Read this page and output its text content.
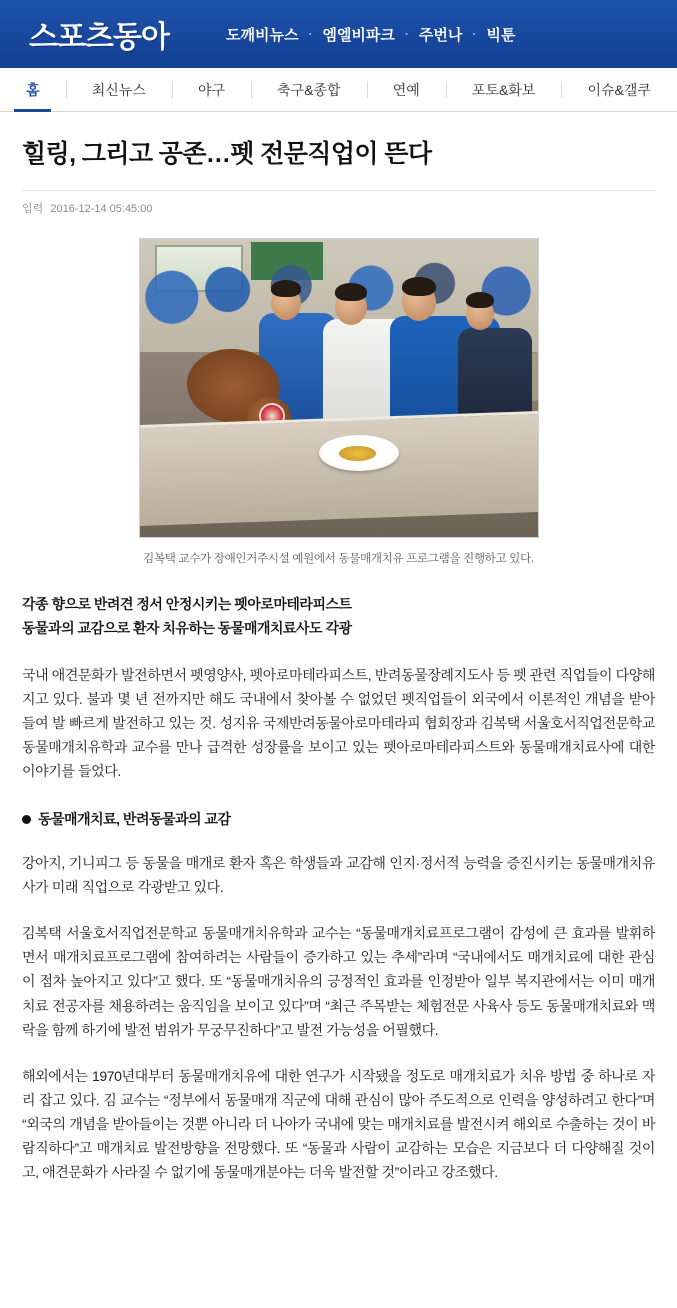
스포츠동아	도깨비뉴스 · 엠엘비파크 · 주번나 · 빅툰
홈	최신뉴스	야구	축구&종합	연예	포토&화보	이슈&갤쿠
힐링, 그리고 공존…펫 전문직업이 뜬다
입력 2016-12-14 05:45:00
김복택 교수가 장애인거주시설 예원에서 동물매개치유 프로그램을 진행하고 있다.
각종 향으로 반려견 정서 안정시키는 펫아로마테라피스트
동물과의 교감으로 환자 치유하는 동물매개치료사도 각광

국내 애견문화가 발전하면서 펫영양사, 펫아로마테라피스트, 반려동물장례지도사 등 펫 관련 직업들이 다양해지고 있다. 불과 몇 년 전까지만 해도 국내에서 찾아볼 수 없었던 펫직업들이 외국에서 이론적인 개념을 받아들여 발 빠르게 발전하고 있는 것. 성지유 국제반려동물아로마테라피 협회장과 김복택 서울호서직업전문학교 동물매개치유학과 교수를 만나 급격한 성장률을 보이고 있는 펫아로마테라피스트와 동물매개치료사에 대한 이야기를 들었다.

동물매개치료, 반려동물과의 교감

강아지, 기니피그 등 동물을 매개로 환자 혹은 학생들과 교감해 인지·정서적 능력을 증진시키는 동물매개치유사가 미래 직업으로 각광받고 있다.

김복택 서울호서직업전문학교 동물매개치유학과 교수는 “동물매개치료프로그램이 감성에 큰 효과를 발휘하면서 매개치료프로그램에 참여하려는 사람들이 증가하고 있는 추세”라며 “국내에서도 매개치료에 대한 관심이 점차 높아지고 있다”고 했다. 또 “동물매개치유의 긍정적인 효과를 인정받아 일부 복지관에서는 이미 매개치료 전공자를 채용하려는 움직임을 보이고 있다”며 “최근 주목받는 체험전문 사육사 등도 동물매개치료와 맥락을 함께 하기에 발전 범위가 무궁무진하다”고 발전 가능성을 어필했다.

해외에서는 1970년대부터 동물매개치유에 대한 연구가 시작됐을 정도로 매개치료가 치유 방법 중 하나로 자리 잡고 있다. 김 교수는 “정부에서 동물매개 직군에 대해 관심이 많아 주도적으로 인력을 양성하려고 한다”며 “외국의 개념을 받아들이는 것뿐 아니라 더 나아가 국내에 맞는 매개치료를 발전시켜 해외로 수출하는 것이 바람직하다”고 매개치료 발전방향을 전망했다. 또 “동물과 사람이 교감하는 모습은 지금보다 더 다양해질 것이고, 애견문화가 사라질 수 없기에 동물매개분야는 더욱 발전할 것”이라고 강조했다.
